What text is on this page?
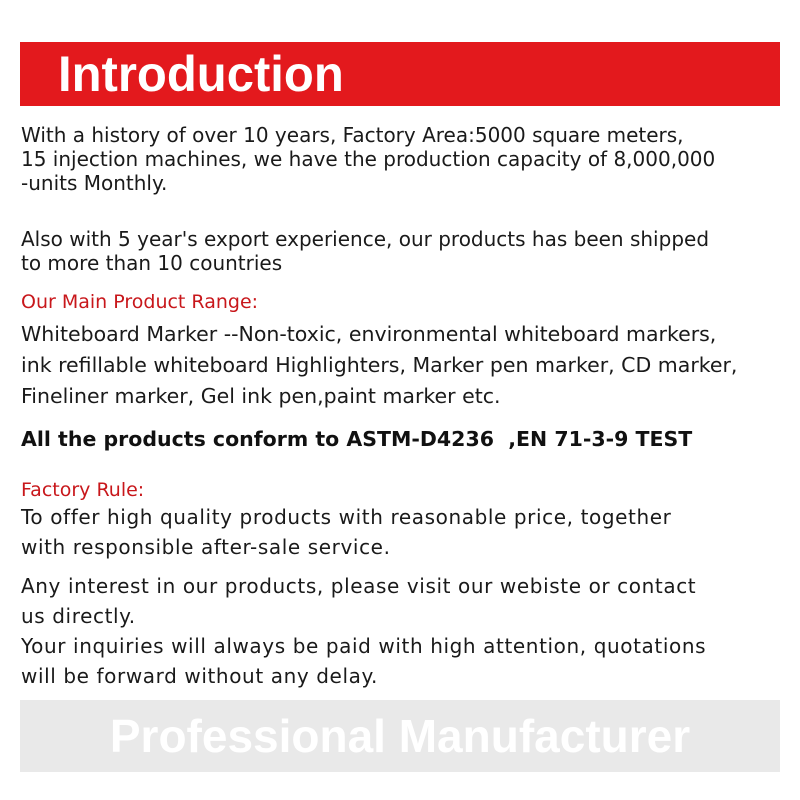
Introduction

With a history of over 10 years, Factory Area:5000 square meters,
15 injection machines, we have the production capacity of 8,000,000
-units Monthly.

Also with 5 year's export experience, our products has been shipped
to more than 10 countries

Our Main Product Range:

Whiteboard Marker --Non-toxic, environmental whiteboard markers,
ink refillable whiteboard Highlighters, Marker pen marker, CD marker,
Fineliner marker, Gel ink pen,paint marker etc.

All the products conform to ASTM-D4236  ,EN 71-3-9 TEST

Factory Rule:

To offer high quality products with reasonable price, together
with responsible after-sale service.

Any interest in our products, please visit our webiste or contact
us directly.
Your inquiries will always be paid with high attention, quotations
will be forward without any delay.

Professional Manufacturer
